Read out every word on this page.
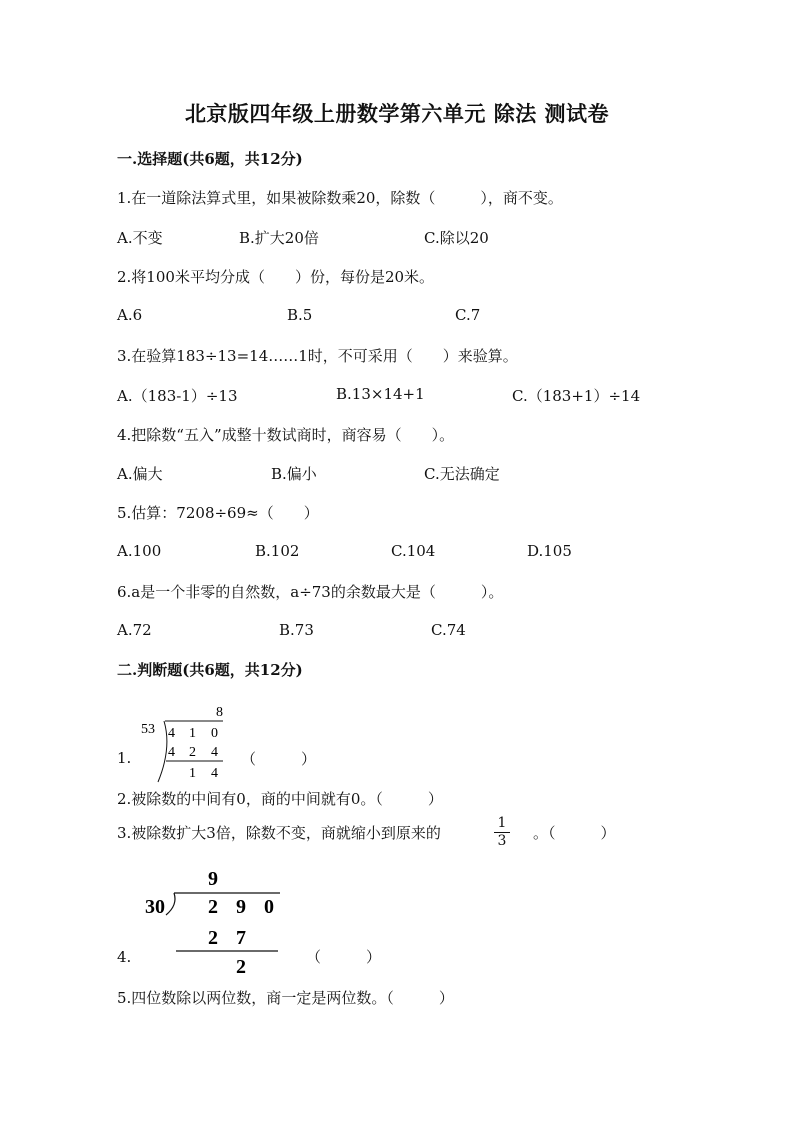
北京版四年级上册数学第六单元 除法 测试卷
一.选择题(共6题，共12分)
1.在一道除法算式里，如果被除数乘20，除数（　　　），商不变。
A.不变	B.扩大20倍	C.除以20
2.将100米平均分成（　　）份，每份是20米。
A.6	B.5	C.7
3.在验算183÷13=14……1时，不可采用（　　）来验算。
A.（183-1）÷13	B.13×14+1	C.（183+1）÷14
4.把除数“五入”成整十数试商时，商容易（　　）。
A.偏大	B.偏小	C.无法确定
5.估算：7208÷69≈（　　）
A.100	B.102	C.104	D.105
6.a是一个非零的自然数，a÷73的余数最大是（　　　）。
A.72	B.73	C.74
二.判断题(共6题，共12分)
1.
8
53 4 1 0
4 2 4
1 4
（　　　）
2.被除数的中间有0，商的中间就有0。（　　　）
3.被除数扩大3倍，除数不变，商就缩小到原来的	$\frac{1}{3}$ 。（　　　）
9
30 2 9 0
2 7
2
4.	（　　　）
5.四位数除以两位数，商一定是两位数。（　　　）
